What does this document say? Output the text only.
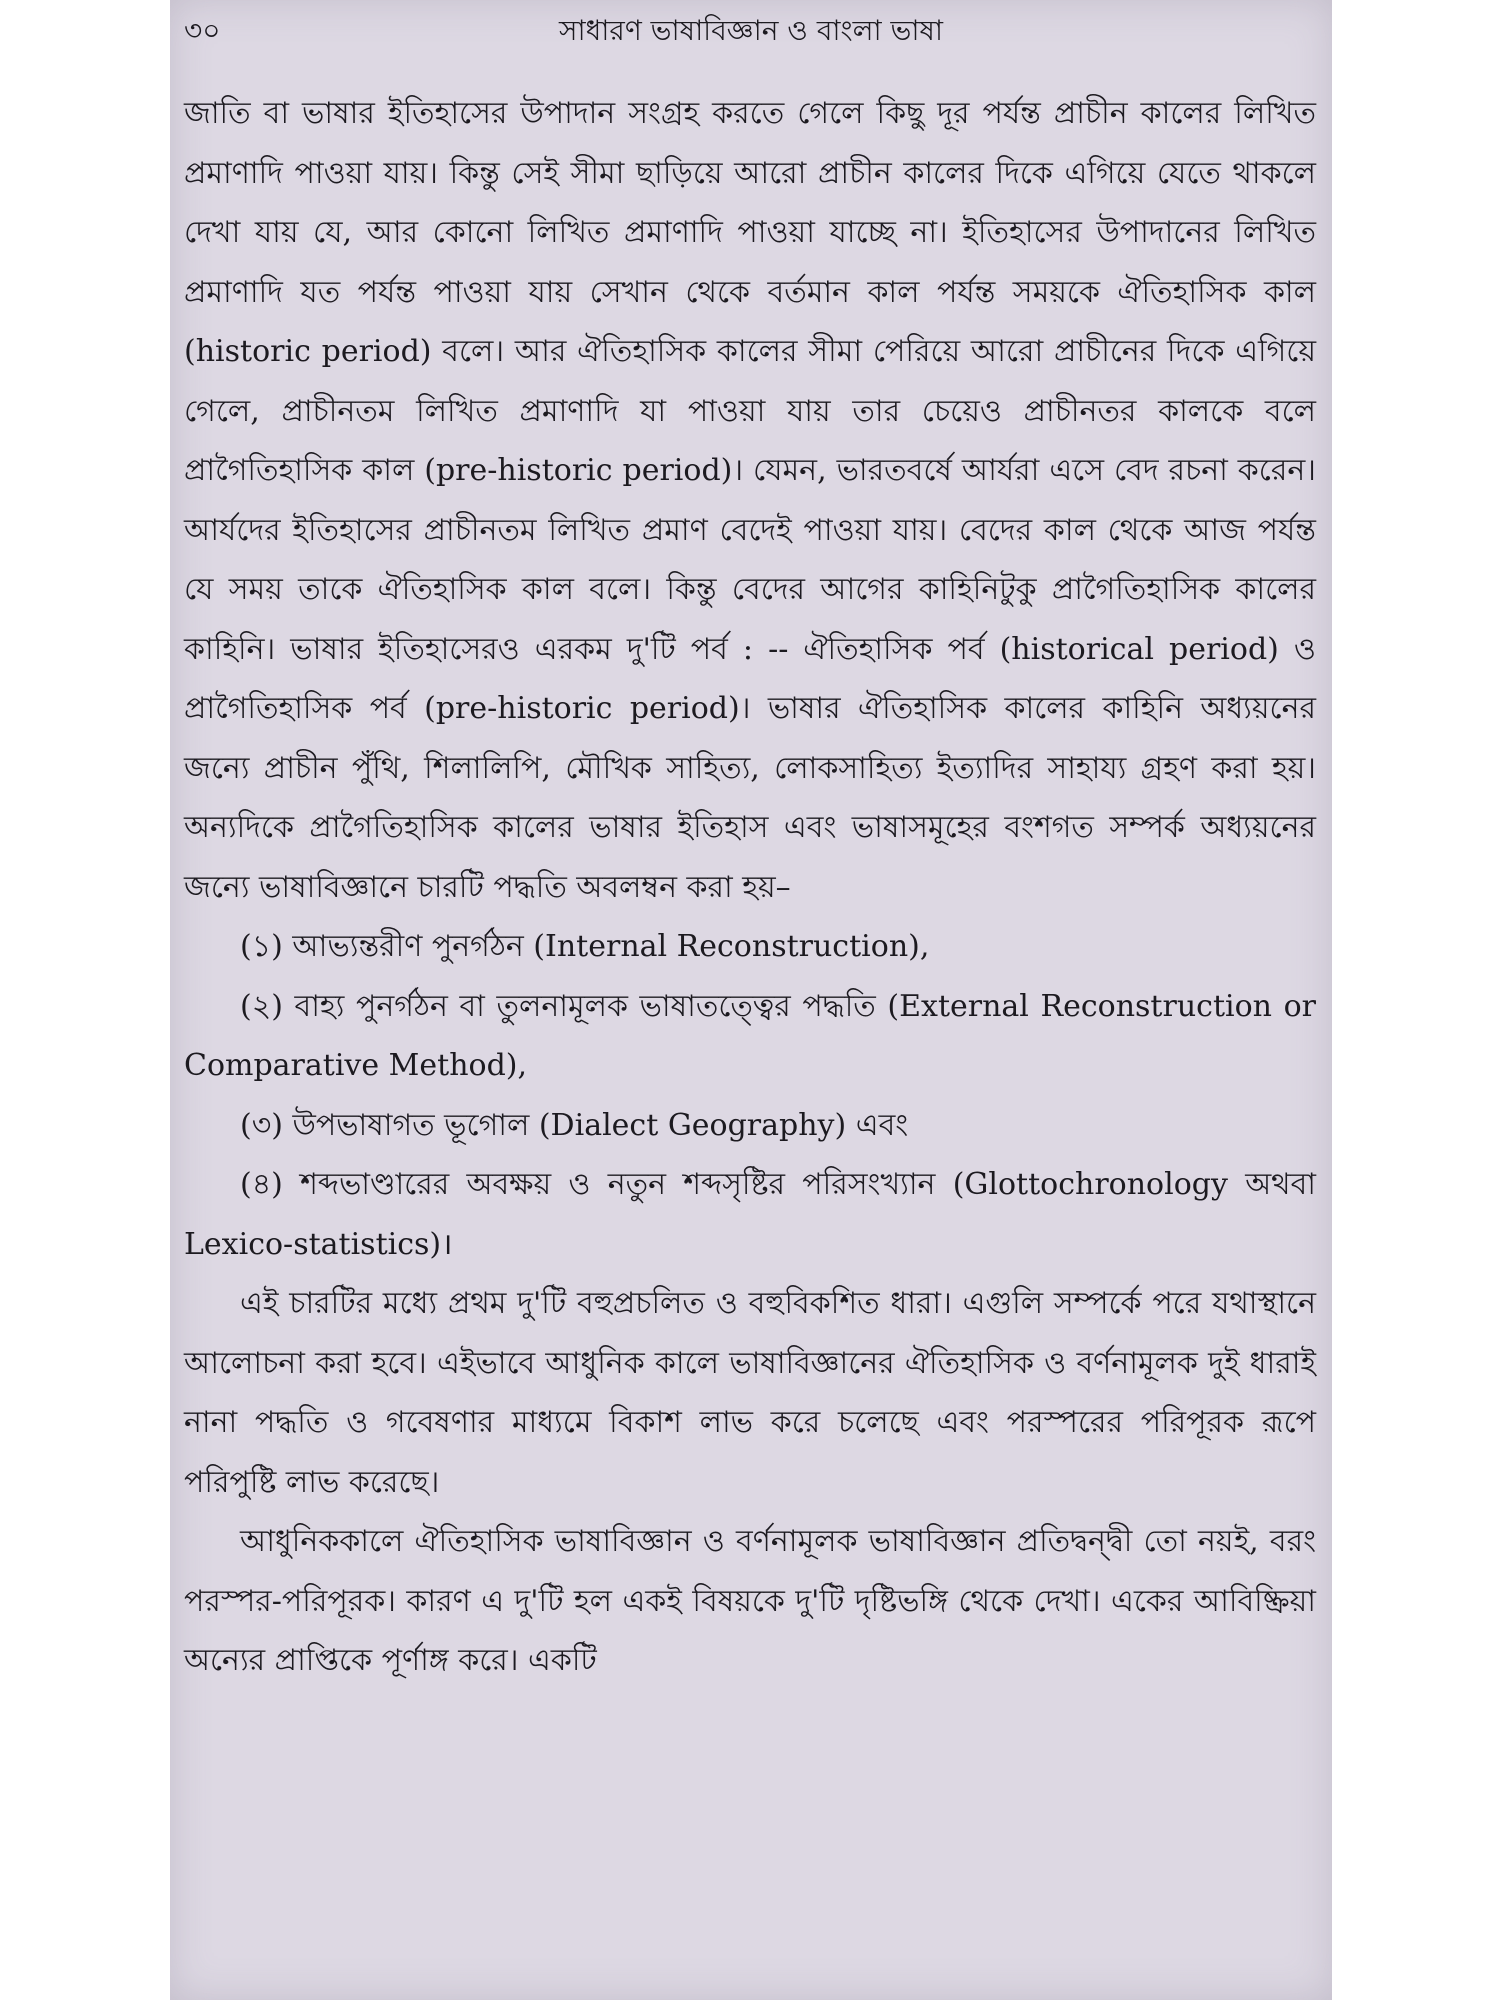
৩০	সাধারণ ভাষাবিজ্ঞান ও বাংলা ভাষা

জাতি বা ভাষার ইতিহাসের উপাদান সংগ্রহ করতে গেলে কিছু দূর পর্যন্ত প্রাচীন কালের লিখিত প্রমাণাদি পাওয়া যায়। কিন্তু সেই সীমা ছাড়িয়ে আরো প্রাচীন কালের দিকে এগিয়ে যেতে থাকলে দেখা যায় যে, আর কোনো লিখিত প্রমাণাদি পাওয়া যাচ্ছে না। ইতিহাসের উপাদানের লিখিত প্রমাণাদি যত পর্যন্ত পাওয়া যায় সেখান থেকে বর্তমান কাল পর্যন্ত সময়কে ঐতিহাসিক কাল (historic period) বলে। আর ঐতিহাসিক কালের সীমা পেরিয়ে আরো প্রাচীনের দিকে এগিয়ে গেলে, প্রাচীনতম লিখিত প্রমাণাদি যা পাওয়া যায় তার চেয়েও প্রাচীনতর কালকে বলে প্রাগৈতিহাসিক কাল (pre-historic period)। যেমন, ভারতবর্ষে আর্যরা এসে বেদ রচনা করেন। আর্যদের ইতিহাসের প্রাচীনতম লিখিত প্রমাণ বেদেই পাওয়া যায়। বেদের কাল থেকে আজ পর্যন্ত যে সময় তাকে ঐতিহাসিক কাল বলে। কিন্তু বেদের আগের কাহিনিটুকু প্রাগৈতিহাসিক কালের কাহিনি। ভাষার ইতিহাসেরও এরকম দু'টি পর্ব : -- ঐতিহাসিক পর্ব (historical period) ও প্রাগৈতিহাসিক পর্ব (pre-historic period)। ভাষার ঐতিহাসিক কালের কাহিনি অধ্যয়নের জন্যে প্রাচীন পুঁথি, শিলালিপি, মৌখিক সাহিত্য, লোকসাহিত্য ইত্যাদির সাহায্য গ্রহণ করা হয়। অন্যদিকে প্রাগৈতিহাসিক কালের ভাষার ইতিহাস এবং ভাষাসমূহের বংশগত সম্পর্ক অধ্যয়নের জন্যে ভাষাবিজ্ঞানে চারটি পদ্ধতি অবলম্বন করা হয়–

(১) আভ্যন্তরীণ পুনর্গঠন (Internal Reconstruction),

(২) বাহ্য পুনর্গঠন বা তুলনামূলক ভাষাতত্ত্বের পদ্ধতি (External Reconstruction or Comparative Method),

(৩) উপভাষাগত ভূগোল (Dialect Geography) এবং

(৪) শব্দভাণ্ডারের অবক্ষয় ও নতুন শব্দসৃষ্টির পরিসংখ্যান (Glottochronology অথবা Lexico-statistics)।

এই চারটির মধ্যে প্রথম দু'টি বহুপ্রচলিত ও বহুবিকশিত ধারা। এগুলি সম্পর্কে পরে যথাস্থানে আলোচনা করা হবে। এইভাবে আধুনিক কালে ভাষাবিজ্ঞানের ঐতিহাসিক ও বর্ণনামূলক দুই ধারাই নানা পদ্ধতি ও গবেষণার মাধ্যমে বিকাশ লাভ করে চলেছে এবং পরস্পরের পরিপূরক রূপে পরিপুষ্টি লাভ করেছে।

আধুনিককালে ঐতিহাসিক ভাষাবিজ্ঞান ও বর্ণনামূলক ভাষাবিজ্ঞান প্রতিদ্বন্দ্বী তো নয়ই, বরং পরস্পর-পরিপূরক। কারণ এ দু'টি হল একই বিষয়কে দু'টি দৃষ্টিভঙ্গি থেকে দেখা। একের আবিষ্ক্রিয়া অন্যের প্রাপ্তিকে পূর্ণাঙ্গ করে। একটি
